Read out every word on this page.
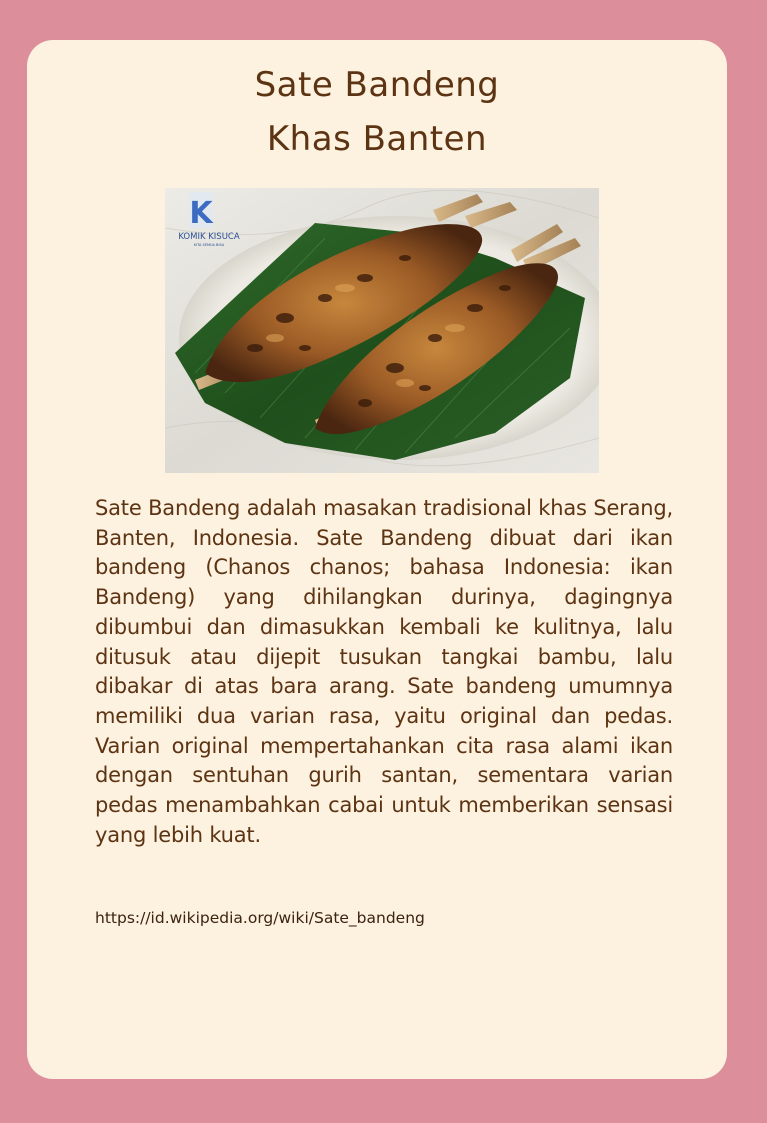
Sate Bandeng
Khas Banten
K
KOMIK KISUCA
KITA SEMUA BISA

Sate Bandeng adalah masakan tradisional khas Serang, Banten, Indonesia. Sate Bandeng dibuat dari ikan bandeng (Chanos chanos; bahasa Indonesia: ikan Bandeng) yang dihilangkan durinya, dagingnya dibumbui dan dimasukkan kembali ke kulitnya, lalu ditusuk atau dijepit tusukan tangkai bambu, lalu dibakar di atas bara arang. Sate bandeng umumnya memiliki dua varian rasa, yaitu original dan pedas. Varian original mempertahankan cita rasa alami ikan dengan sentuhan gurih santan, sementara varian pedas menambahkan cabai untuk memberikan sensasi yang lebih kuat.

https://id.wikipedia.org/wiki/Sate_bandeng
